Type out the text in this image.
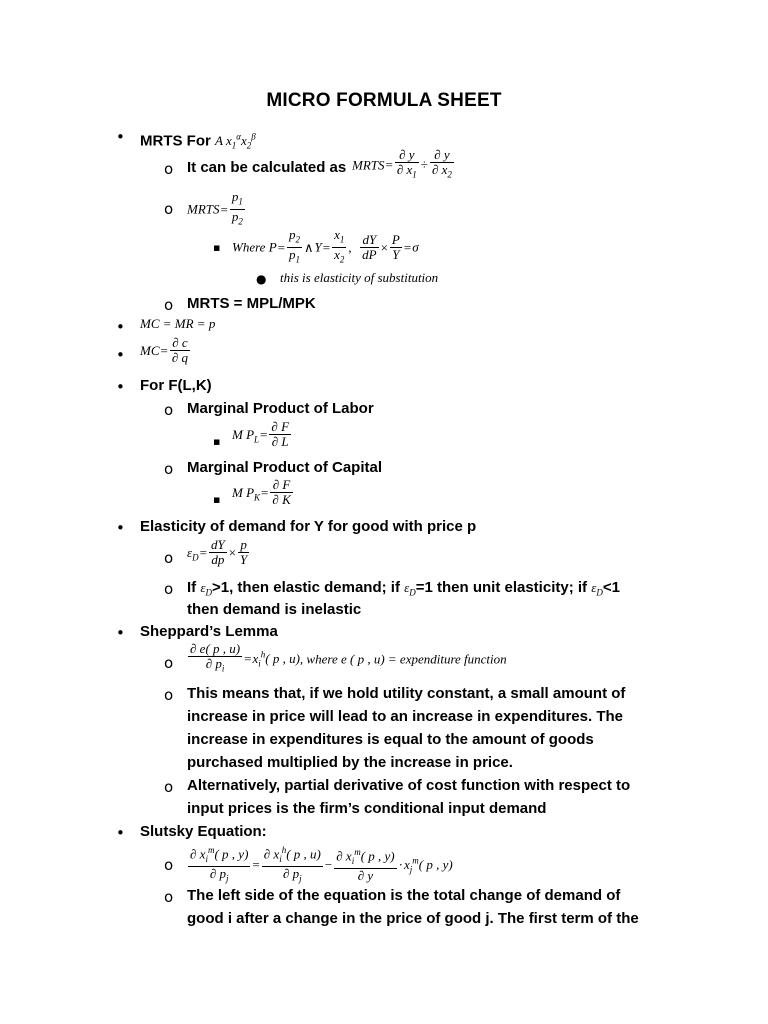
MICRO FORMULA SHEET
• MRTS For A $x_1^\alpha x_2^\beta$
o It can be calculated as MRTS= $\frac{\partial y}{\partial x_1} \div \frac{\partial y}{\partial x_2}$
o MRTS= $\frac{p_1}{p_2}$
▪ Where $P= \frac{p_2}{p_1}$ ∧Y= $\frac{x_1}{x_2}$ , $\frac{dY}{dP} \times \frac{P}{Y} =\sigma$
● this is elasticity of substitution
o MRTS = MPL/MPK
• MC = MR = p
• $MC= \frac{\partial c}{\partial q}$
• For F(L,K)
o Marginal Product of Labor
▪ M $P_L= \frac{\partial F}{\partial L}$
o Marginal Product of Capital
▪ M $P_K= \frac{\partial F}{\partial K}$
• Elasticity of demand for Y for good with price p
o $\varepsilon_D= \frac{dY}{dp} \times \frac{p}{Y}$
o If $\varepsilon_D>1$, then elastic demand; if $\varepsilon_D=1$ then unit elasticity; if $\varepsilon_D<1$
then demand is inelastic
• Sheppard’s Lemma
o $\frac{\partial e( p , u)}{\partial p_i} =x_i^h$( p , u), where e ( p , u) = expenditure function
o This means that, if we hold utility constant, a small amount of
increase in price will lead to an increase in expenditures. The
increase in expenditures is equal to the amount of goods
purchased multiplied by the increase in price.
o Alternatively, partial derivative of cost function with respect to
input prices is the firm’s conditional input demand
• Slutsky Equation:
o $\frac{\partial x_i^m( p , y)}{\partial p_j} = \frac{\partial x_i^h( p , u)}{\partial p_j} - \frac{\partial x_i^m( p , y)}{\partial y} \cdot x_j^m$( p , y)
o The left side of the equation is the total change of demand of
good i after a change in the price of good j. The first term of the
